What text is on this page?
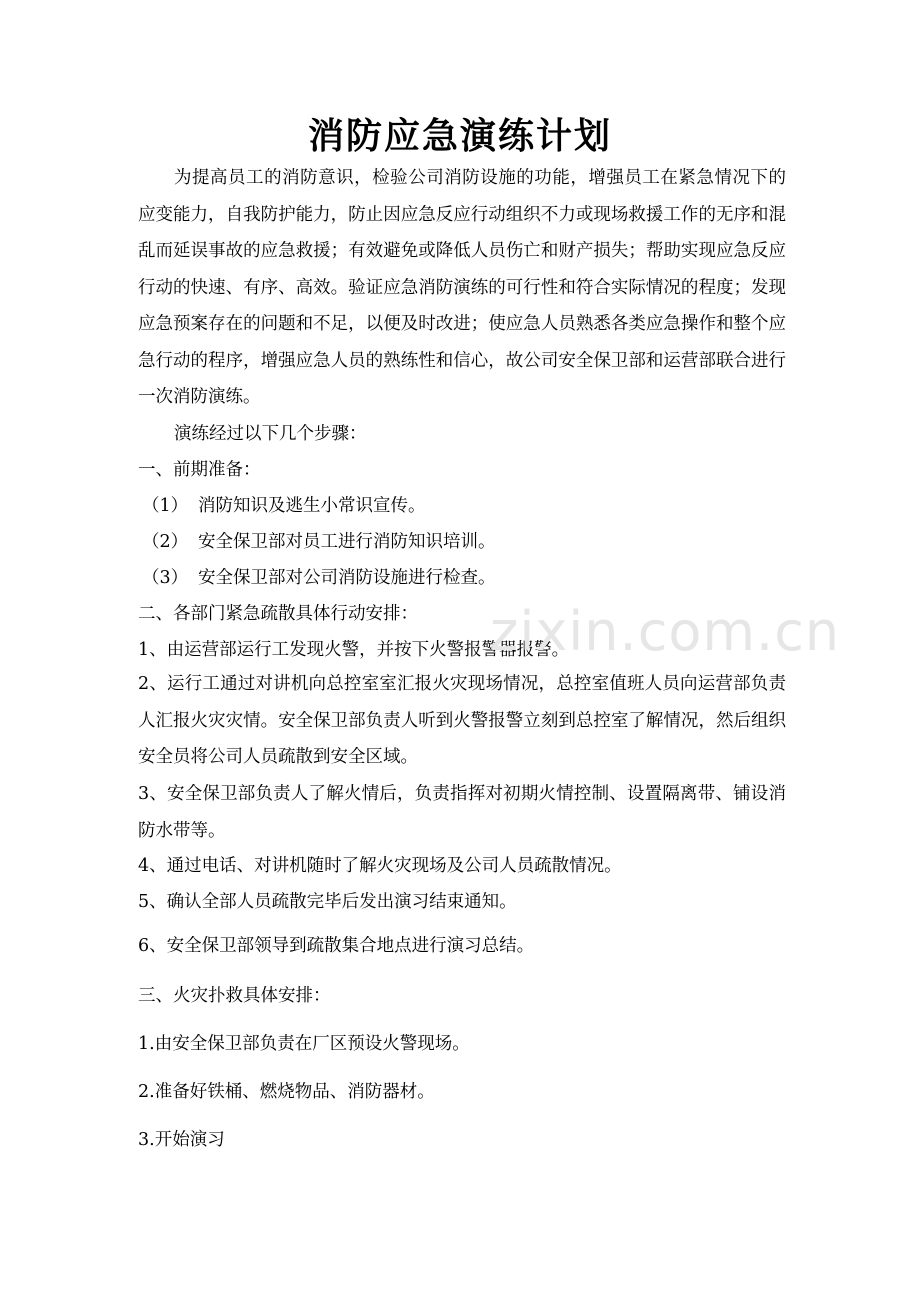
消防应急演练计划

为提高员工的消防意识，检验公司消防设施的功能，增强员工在紧急情况下的应变能力，自我防护能力，防止因应急反应行动组织不力或现场救援工作的无序和混乱而延误事故的应急救援；有效避免或降低人员伤亡和财产损失；帮助实现应急反应行动的快速、有序、高效。验证应急消防演练的可行性和符合实际情况的程度；发现应急预案存在的问题和不足，以便及时改进；使应急人员熟悉各类应急操作和整个应急行动的程序，增强应急人员的熟练性和信心，故公司安全保卫部和运营部联合进行一次消防演练。

演练经过以下几个步骤：

一、前期准备：

（1） 消防知识及逃生小常识宣传。

（2） 安全保卫部对员工进行消防知识培训。

（3） 安全保卫部对公司消防设施进行检查。

二、各部门紧急疏散具体行动安排：

1、由运营部运行工发现火警，并按下火警报警器报警。

2、运行工通过对讲机向总控室室汇报火灾现场情况，总控室值班人员向运营部负责人汇报火灾灾情。安全保卫部负责人听到火警报警立刻到总控室了解情况，然后组织安全员将公司人员疏散到安全区域。

3、安全保卫部负责人了解火情后，负责指挥对初期火情控制、设置隔离带、铺设消防水带等。

4、通过电话、对讲机随时了解火灾现场及公司人员疏散情况。

5、确认全部人员疏散完毕后发出演习结束通知。

6、安全保卫部领导到疏散集合地点进行演习总结。

三、火灾扑救具体安排：

1.由安全保卫部负责在厂区预设火警现场。

2.准备好铁桶、燃烧物品、消防器材。

3.开始演习

zixin.com.cn
